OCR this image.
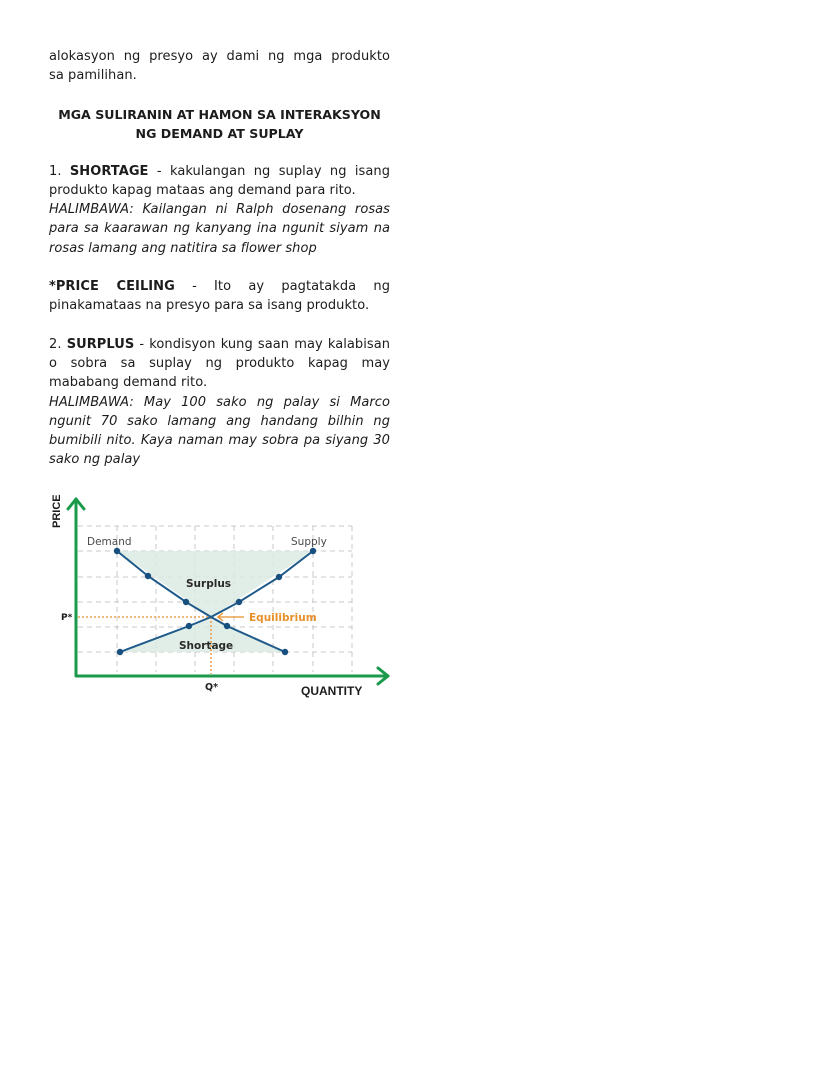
alokasyon ng presyo ay dami ng mga produkto

sa pamilihan.

MGA SULIRANIN AT HAMON SA INTERAKSYON
NG DEMAND AT SUPLAY

1. SHORTAGE - kakulangan ng suplay ng isang produkto kapag mataas ang demand para rito.

HALIMBAWA: Kailangan ni Ralph dosenang rosas para sa kaarawan ng kanyang ina ngunit siyam na rosas lamang ang natitira sa flower shop

*PRICE CEILING - Ito ay pagtatakda ng pinakamataas na presyo para sa isang produkto.

2. SURPLUS - kondisyon kung saan may kalabisan o sobra sa suplay ng produkto kapag may mababang demand rito.

HALIMBAWA: May 100 sako ng palay si Marco ngunit 70 sako lamang ang handang bilhin ng bumibili nito. Kaya naman may sobra pa siyang 30 sako ng palay

PRICE
QUANTITY
Demand	Supply
Surplus
Shortage
Equilibrium
P*
Q*
